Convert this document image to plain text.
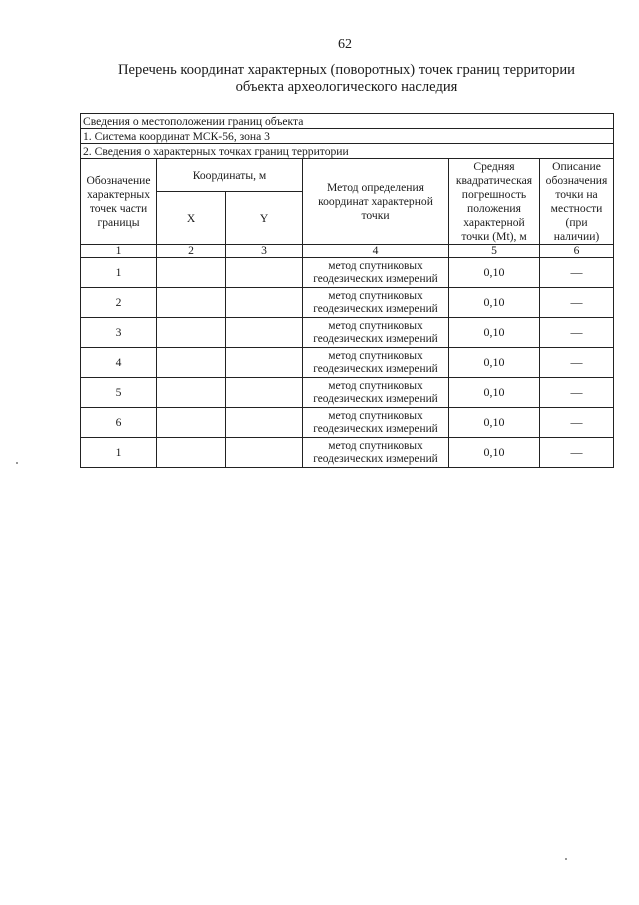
62
Перечень координат характерных (поворотных) точек границ территории
объекта археологического наследия
Сведения о местоположении границ объекта					
1. Система координат МСК-56, зона 3					
2. Сведения о характерных точках границ территории					
Обозначение характерных точек части границы	Координаты, м		Метод определения координат характерной точки	Средняя квадратическая погрешность положения характерной точки (Mt), м	Описание обозначения точки на местности (при наличии)
	X	Y			
1	2	3	4	5	6
1			метод спутниковых геодезических измерений	0,10	—
2			метод спутниковых геодезических измерений	0,10	—
3			метод спутниковых геодезических измерений	0,10	—
4			метод спутниковых геодезических измерений	0,10	—
5			метод спутниковых геодезических измерений	0,10	—
6			метод спутниковых геодезических измерений	0,10	—
1			метод спутниковых геодезических измерений	0,10	—
